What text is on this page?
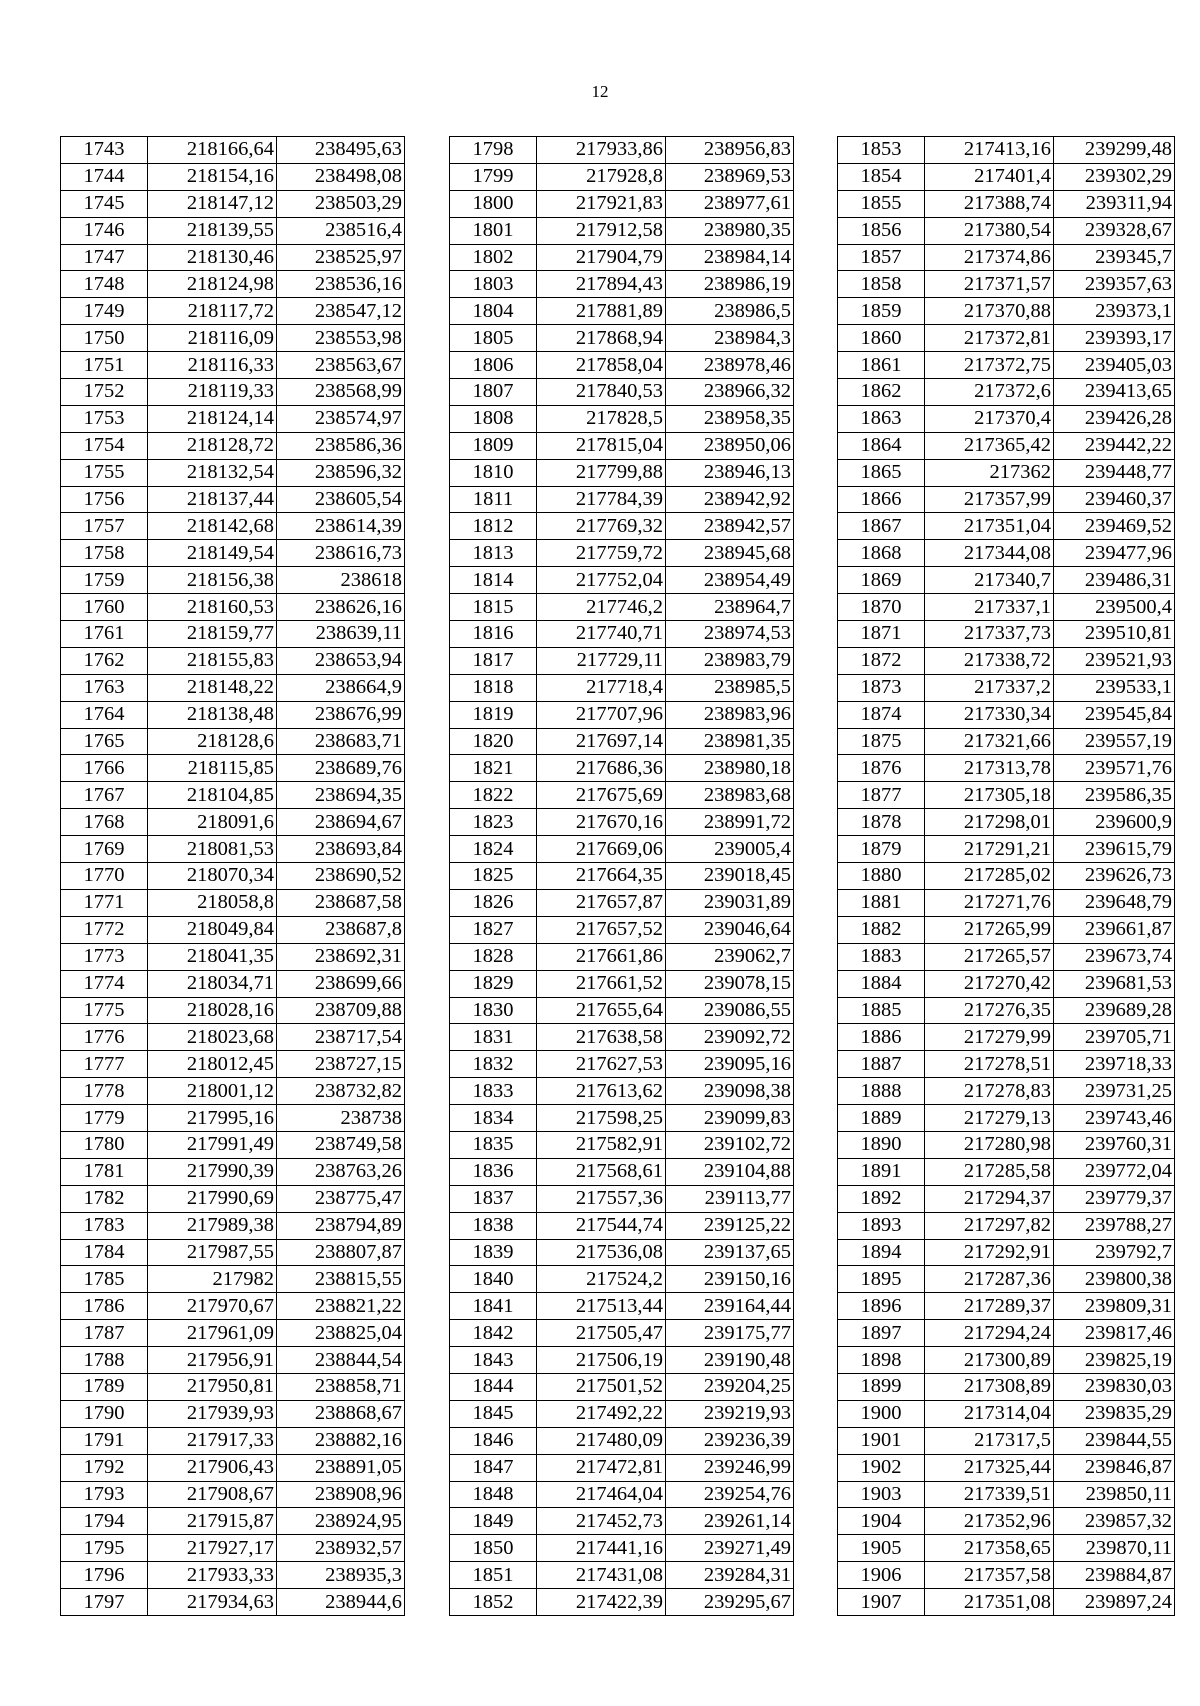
12
1743	218166,64	238495,63
1744	218154,16	238498,08
1745	218147,12	238503,29
1746	218139,55	238516,4
1747	218130,46	238525,97
1748	218124,98	238536,16
1749	218117,72	238547,12
1750	218116,09	238553,98
1751	218116,33	238563,67
1752	218119,33	238568,99
1753	218124,14	238574,97
1754	218128,72	238586,36
1755	218132,54	238596,32
1756	218137,44	238605,54
1757	218142,68	238614,39
1758	218149,54	238616,73
1759	218156,38	238618
1760	218160,53	238626,16
1761	218159,77	238639,11
1762	218155,83	238653,94
1763	218148,22	238664,9
1764	218138,48	238676,99
1765	218128,6	238683,71
1766	218115,85	238689,76
1767	218104,85	238694,35
1768	218091,6	238694,67
1769	218081,53	238693,84
1770	218070,34	238690,52
1771	218058,8	238687,58
1772	218049,84	238687,8
1773	218041,35	238692,31
1774	218034,71	238699,66
1775	218028,16	238709,88
1776	218023,68	238717,54
1777	218012,45	238727,15
1778	218001,12	238732,82
1779	217995,16	238738
1780	217991,49	238749,58
1781	217990,39	238763,26
1782	217990,69	238775,47
1783	217989,38	238794,89
1784	217987,55	238807,87
1785	217982	238815,55
1786	217970,67	238821,22
1787	217961,09	238825,04
1788	217956,91	238844,54
1789	217950,81	238858,71
1790	217939,93	238868,67
1791	217917,33	238882,16
1792	217906,43	238891,05
1793	217908,67	238908,96
1794	217915,87	238924,95
1795	217927,17	238932,57
1796	217933,33	238935,3
1797	217934,63	238944,6
1798	217933,86	238956,83
1799	217928,8	238969,53
1800	217921,83	238977,61
1801	217912,58	238980,35
1802	217904,79	238984,14
1803	217894,43	238986,19
1804	217881,89	238986,5
1805	217868,94	238984,3
1806	217858,04	238978,46
1807	217840,53	238966,32
1808	217828,5	238958,35
1809	217815,04	238950,06
1810	217799,88	238946,13
1811	217784,39	238942,92
1812	217769,32	238942,57
1813	217759,72	238945,68
1814	217752,04	238954,49
1815	217746,2	238964,7
1816	217740,71	238974,53
1817	217729,11	238983,79
1818	217718,4	238985,5
1819	217707,96	238983,96
1820	217697,14	238981,35
1821	217686,36	238980,18
1822	217675,69	238983,68
1823	217670,16	238991,72
1824	217669,06	239005,4
1825	217664,35	239018,45
1826	217657,87	239031,89
1827	217657,52	239046,64
1828	217661,86	239062,7
1829	217661,52	239078,15
1830	217655,64	239086,55
1831	217638,58	239092,72
1832	217627,53	239095,16
1833	217613,62	239098,38
1834	217598,25	239099,83
1835	217582,91	239102,72
1836	217568,61	239104,88
1837	217557,36	239113,77
1838	217544,74	239125,22
1839	217536,08	239137,65
1840	217524,2	239150,16
1841	217513,44	239164,44
1842	217505,47	239175,77
1843	217506,19	239190,48
1844	217501,52	239204,25
1845	217492,22	239219,93
1846	217480,09	239236,39
1847	217472,81	239246,99
1848	217464,04	239254,76
1849	217452,73	239261,14
1850	217441,16	239271,49
1851	217431,08	239284,31
1852	217422,39	239295,67
1853	217413,16	239299,48
1854	217401,4	239302,29
1855	217388,74	239311,94
1856	217380,54	239328,67
1857	217374,86	239345,7
1858	217371,57	239357,63
1859	217370,88	239373,1
1860	217372,81	239393,17
1861	217372,75	239405,03
1862	217372,6	239413,65
1863	217370,4	239426,28
1864	217365,42	239442,22
1865	217362	239448,77
1866	217357,99	239460,37
1867	217351,04	239469,52
1868	217344,08	239477,96
1869	217340,7	239486,31
1870	217337,1	239500,4
1871	217337,73	239510,81
1872	217338,72	239521,93
1873	217337,2	239533,1
1874	217330,34	239545,84
1875	217321,66	239557,19
1876	217313,78	239571,76
1877	217305,18	239586,35
1878	217298,01	239600,9
1879	217291,21	239615,79
1880	217285,02	239626,73
1881	217271,76	239648,79
1882	217265,99	239661,87
1883	217265,57	239673,74
1884	217270,42	239681,53
1885	217276,35	239689,28
1886	217279,99	239705,71
1887	217278,51	239718,33
1888	217278,83	239731,25
1889	217279,13	239743,46
1890	217280,98	239760,31
1891	217285,58	239772,04
1892	217294,37	239779,37
1893	217297,82	239788,27
1894	217292,91	239792,7
1895	217287,36	239800,38
1896	217289,37	239809,31
1897	217294,24	239817,46
1898	217300,89	239825,19
1899	217308,89	239830,03
1900	217314,04	239835,29
1901	217317,5	239844,55
1902	217325,44	239846,87
1903	217339,51	239850,11
1904	217352,96	239857,32
1905	217358,65	239870,11
1906	217357,58	239884,87
1907	217351,08	239897,24
